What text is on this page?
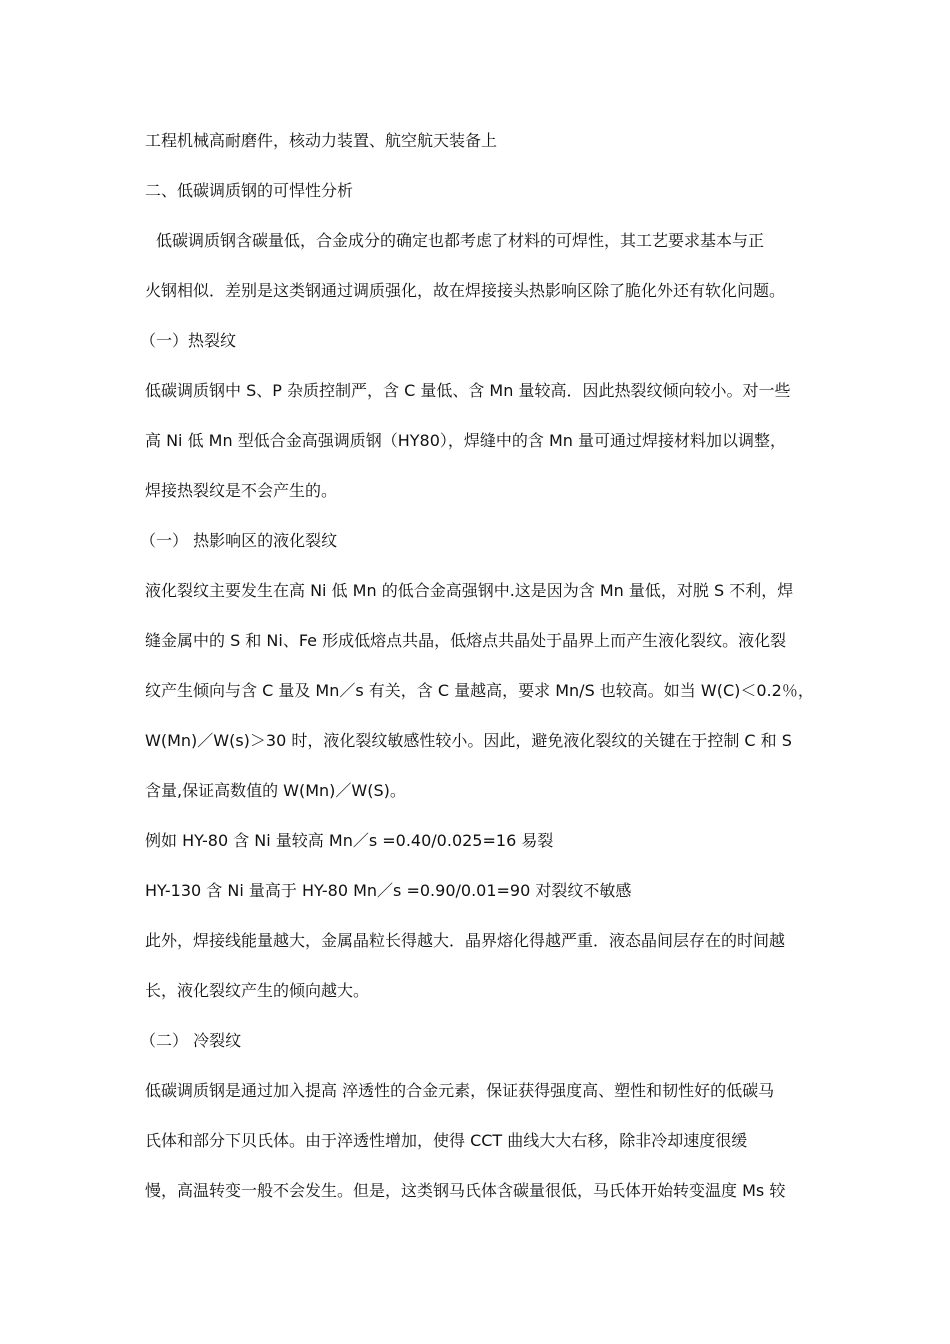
工程机械高耐磨件，核动力装置、航空航天装备上
二、低碳调质钢的可悍性分析
低碳调质钢含碳量低，合金成分的确定也都考虑了材料的可焊性，其工艺要求基本与正
火钢相似．差别是这类钢通过调质强化，故在焊接接头热影响区除了脆化外还有软化问题。
（一）热裂纹
低碳调质钢中 S、P 杂质控制严，含 C 量低、含 Mn 量较高．因此热裂纹倾向较小。对一些
高 Ni 低 Mn 型低合金高强调质钢（HY80），焊缝中的含 Mn 量可通过焊接材料加以调整，
焊接热裂纹是不会产生的。
（一） 热影响区的液化裂纹
液化裂纹主要发生在高 Ni 低 Mn 的低合金高强钢中.这是因为含 Mn 量低，对脱 S 不利，焊
缝金属中的 S 和 Ni、Fe 形成低熔点共晶，低熔点共晶处于晶界上而产生液化裂纹。液化裂
纹产生倾向与含 C 量及 Mn／s 有关，含 C 量越高，要求 Mn/S 也较高。如当 W(C)＜0.2％，
W(Mn)／W(s)＞30 时，液化裂纹敏感性较小。因此，避免液化裂纹的关键在于控制 C 和 S
含量,保证高数值的 W(Mn)／W(S)。
例如 HY-80 含 Ni 量较高 Mn／s =0.40/0.025=16 易裂
HY-130 含 Ni 量高于 HY-80 Mn／s =0.90/0.01=90 对裂纹不敏感
此外，焊接线能量越大，金属晶粒长得越大．晶界熔化得越严重．液态晶间层存在的时间越
长，液化裂纹产生的倾向越大。
（二） 冷裂纹
低碳调质钢是通过加入提高 淬透性的合金元素，保证获得强度高、塑性和韧性好的低碳马
氏体和部分下贝氏体。由于淬透性增加，使得 CCT 曲线大大右移，除非冷却速度很缓
慢，高温转变一般不会发生。但是，这类钢马氏体含碳量很低，马氏体开始转变温度 Ms 较
